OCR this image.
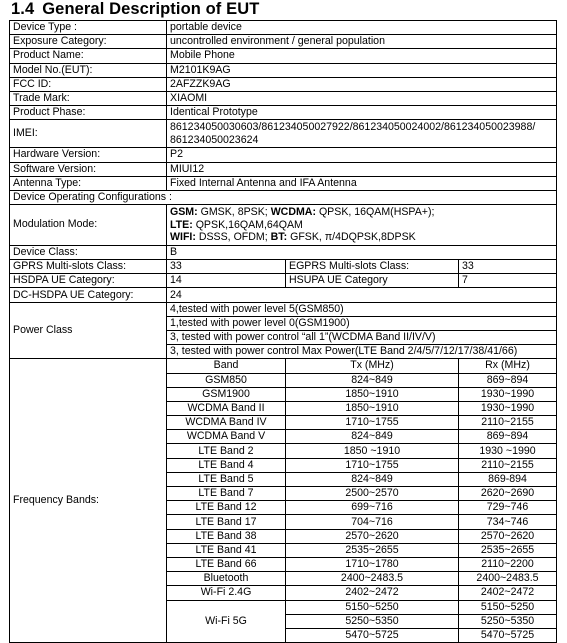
1.4 General Description of EUT
Device Type :	portable device		
Exposure Category:	uncontrolled environment / general population		
Product Name:	Mobile Phone		
Model No.(EUT):	M2101K9AG		
FCC ID:	2AFZZK9AG		
Trade Mark:	XIAOMI		
Product Phase:	Identical Prototype		
IMEI:	861234050030603/861234050027922/861234050024002/861234050023988/
861234050023624		

Hardware Version:	P2		
Software Version:	MIUI12		
Antenna Type:	Fixed Internal Antenna and IFA Antenna		
Device Operating Configurations :			
Modulation Mode:	GSM: GMSK, 8PSK; WCDMA: QPSK, 16QAM(HSPA+);
LTE: QPSK,16QAM,64QAM
WIFI: DSSS, OFDM; BT: GFSK, π/4DQPSK,8DPSK		

Device Class:	B		
GPRS Multi-slots Class:	33	EGPRS Multi-slots Class:	33
HSDPA UE Category:	14	HSUPA UE Category	7
DC-HSDPA UE Category:	24		
Power Class	4,tested with power level 5(GSM850)		
	1,tested with power level 0(GSM1900)		
	3, tested with power control “all 1”(WCDMA Band II/IV/V)		
	3, tested with power control Max Power(LTE Band 2/4/5/7/12/17/38/41/66)		
Frequency Bands:	Band	Tx (MHz)	Rx (MHz)
	GSM850	824~849	869~894
	GSM1900	1850~1910	1930~1990
	WCDMA Band II	1850~1910	1930~1990
	WCDMA Band IV	1710~1755	2110~2155
	WCDMA Band V	824~849	869~894
	LTE Band 2	1850 ~1910	1930 ~1990
	LTE Band 4	1710~1755	2110~2155
	LTE Band 5	824~849	869-894
	LTE Band 7	2500~2570	2620~2690
	LTE Band 12	699~716	729~746
	LTE Band 17	704~716	734~746
	LTE Band 38	2570~2620	2570~2620
	LTE Band 41	2535~2655	2535~2655
	LTE Band 66	1710~1780	2110~2200
	Bluetooth	2400~2483.5	2400~2483.5
	Wi-Fi 2.4G	2402~2472	2402~2472
	Wi-Fi 5G	5150~5250	5150~5250
		5250~5350	5250~5350
		5470~5725	5470~5725
